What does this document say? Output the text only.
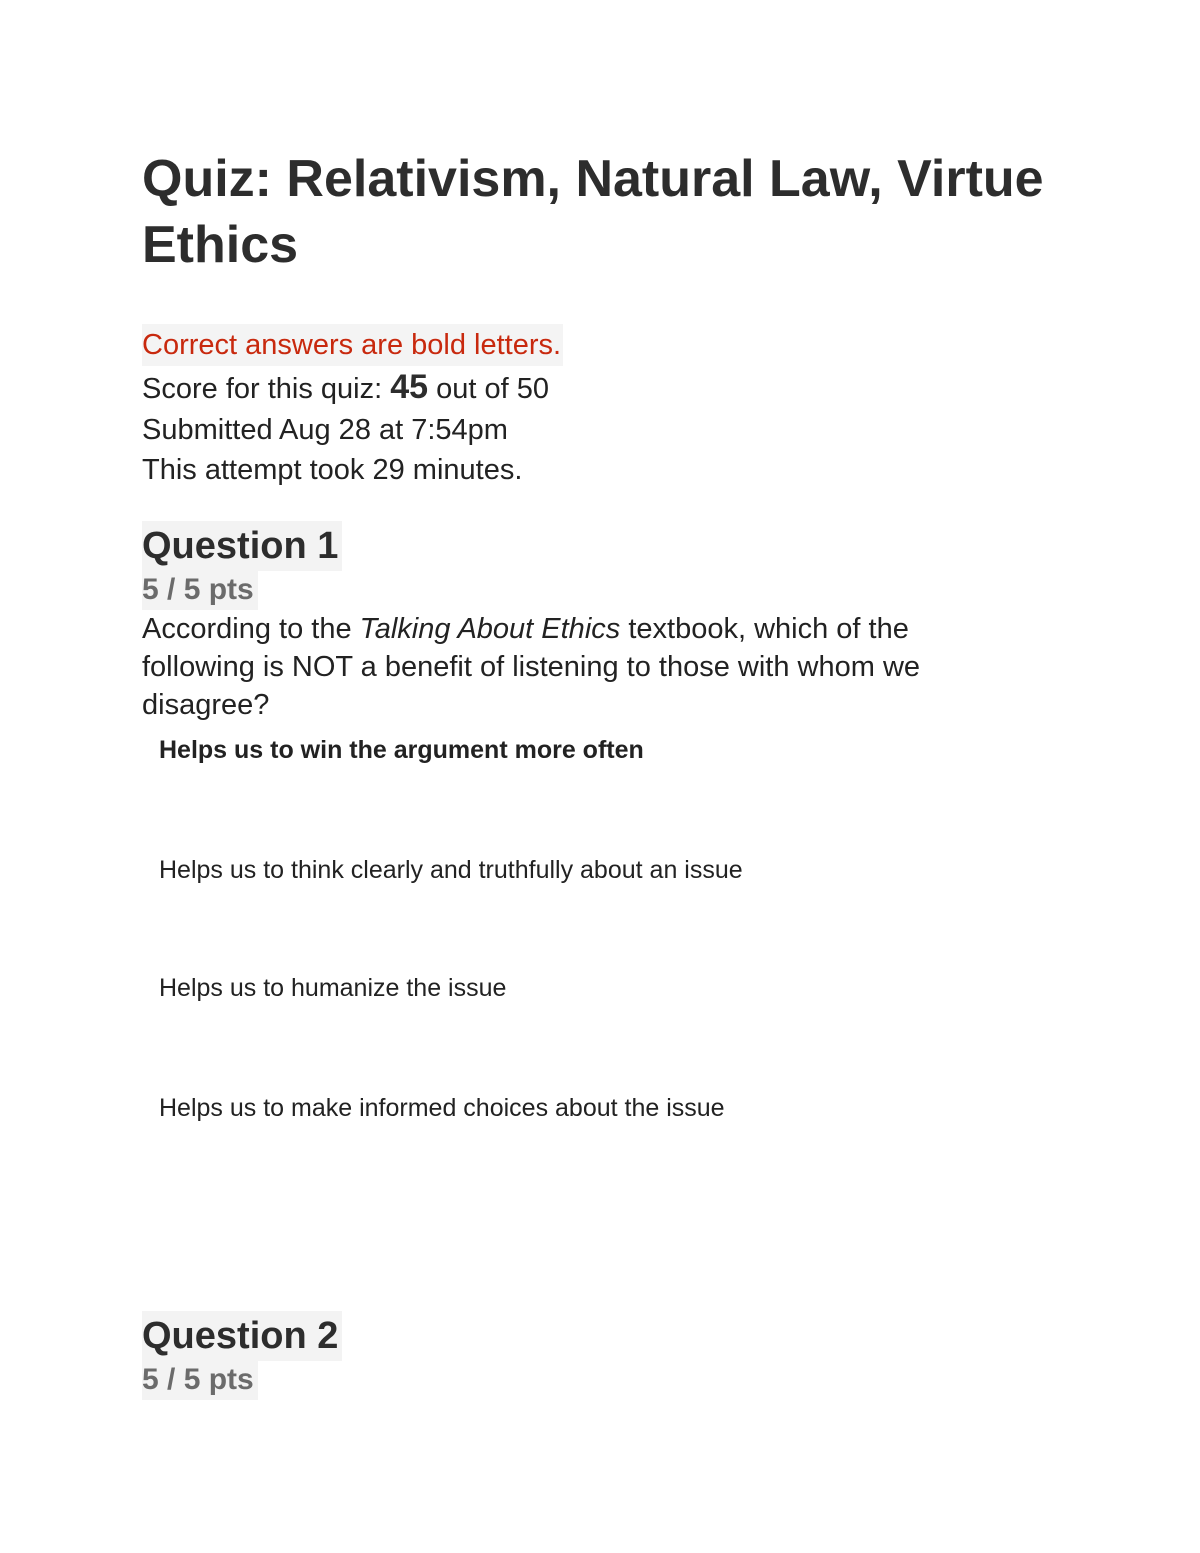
Quiz: Relativism, Natural Law, Virtue Ethics
Correct answers are bold letters.
Score for this quiz: 45 out of 50
Submitted Aug 28 at 7:54pm
This attempt took 29 minutes.
Question 1
5 / 5 pts
According to the Talking About Ethics textbook, which of the following is NOT a benefit of listening to those with whom we disagree?
Helps us to win the argument more often
Helps us to think clearly and truthfully about an issue
Helps us to humanize the issue
Helps us to make informed choices about the issue
Question 2
5 / 5 pts
